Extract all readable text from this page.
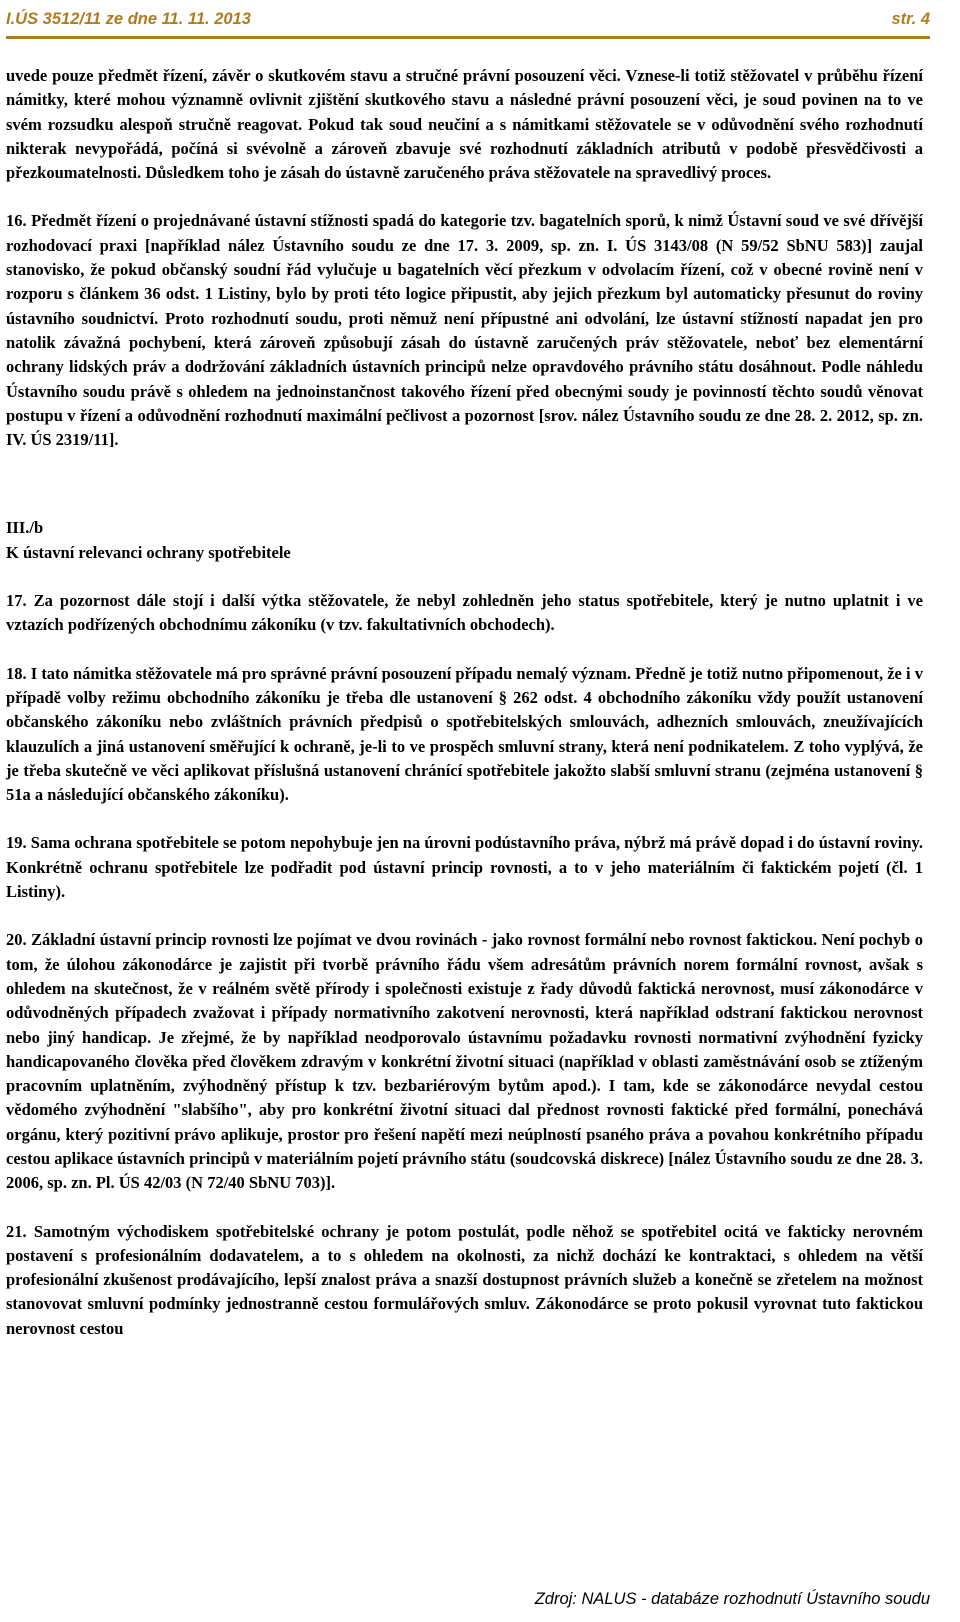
I.ÚS 3512/11 ze dne 11. 11. 2013	str. 4

uvede pouze předmět řízení, závěr o skutkovém stavu a stručné právní posouzení věci. Vznese-li totiž stěžovatel v průběhu řízení námitky, které mohou významně ovlivnit zjištění skutkového stavu a následné právní posouzení věci, je soud povinen na to ve svém rozsudku alespoň stručně reagovat. Pokud tak soud neučiní a s námitkami stěžovatele se v odůvodnění svého rozhodnutí nikterak nevypořádá, počíná si svévolně a zároveň zbavuje své rozhodnutí základních atributů v podobě přesvědčivosti a přezkoumatelnosti. Důsledkem toho je zásah do ústavně zaručeného práva stěžovatele na spravedlivý proces.

16. Předmět řízení o projednávané ústavní stížnosti spadá do kategorie tzv. bagatelních sporů, k nimž Ústavní soud ve své dřívější rozhodovací praxi [například nález Ústavního soudu ze dne 17. 3. 2009, sp. zn. I. ÚS 3143/08 (N 59/52 SbNU 583)] zaujal stanovisko, že pokud občanský soudní řád vylučuje u bagatelních věcí přezkum v odvolacím řízení, což v obecné rovině není v rozporu s článkem 36 odst. 1 Listiny, bylo by proti této logice připustit, aby jejich přezkum byl automaticky přesunut do roviny ústavního soudnictví. Proto rozhodnutí soudu, proti němuž není přípustné ani odvolání, lze ústavní stížností napadat jen pro natolik závažná pochybení, která zároveň způsobují zásah do ústavně zaručených práv stěžovatele, neboť bez elementární ochrany lidských práv a dodržování základních ústavních principů nelze opravdového právního státu dosáhnout. Podle náhledu Ústavního soudu právě s ohledem na jednoinstančnost takového řízení před obecnými soudy je povinností těchto soudů věnovat postupu v řízení a odůvodnění rozhodnutí maximální pečlivost a pozornost [srov. nález Ústavního soudu ze dne 28. 2. 2012, sp. zn. IV. ÚS 2319/11].

III./b
K ústavní relevanci ochrany spotřebitele

17. Za pozornost dále stojí i další výtka stěžovatele, že nebyl zohledněn jeho status spotřebitele, který je nutno uplatnit i ve vztazích podřízených obchodnímu zákoníku (v tzv. fakultativních obchodech).

18. I tato námitka stěžovatele má pro správné právní posouzení případu nemalý význam. Předně je totiž nutno připomenout, že i v případě volby režimu obchodního zákoníku je třeba dle ustanovení § 262 odst. 4 obchodního zákoníku vždy použít ustanovení občanského zákoníku nebo zvláštních právních předpisů o spotřebitelských smlouvách, adhezních smlouvách, zneužívajících klauzulích a jiná ustanovení směřující k ochraně, je-li to ve prospěch smluvní strany, která není podnikatelem. Z toho vyplývá, že je třeba skutečně ve věci aplikovat příslušná ustanovení chránící spotřebitele jakožto slabší smluvní stranu (zejména ustanovení § 51a a následující občanského zákoníku).

19. Sama ochrana spotřebitele se potom nepohybuje jen na úrovni podústavního práva, nýbrž má právě dopad i do ústavní roviny. Konkrétně ochranu spotřebitele lze podřadit pod ústavní princip rovnosti, a to v jeho materiálním či faktickém pojetí (čl. 1 Listiny).

20. Základní ústavní princip rovnosti lze pojímat ve dvou rovinách - jako rovnost formální nebo rovnost faktickou. Není pochyb o tom, že úlohou zákonodárce je zajistit při tvorbě právního řádu všem adresátům právních norem formální rovnost, avšak s ohledem na skutečnost, že v reálném světě přírody i společnosti existuje z řady důvodů faktická nerovnost, musí zákonodárce v odůvodněných případech zvažovat i případy normativního zakotvení nerovnosti, která například odstraní faktickou nerovnost nebo jiný handicap. Je zřejmé, že by například neodporovalo ústavnímu požadavku rovnosti normativní zvýhodnění fyzicky handicapovaného člověka před člověkem zdravým v konkrétní životní situaci (například v oblasti zaměstnávání osob se ztíženým pracovním uplatněním, zvýhodněný přístup k tzv. bezbariérovým bytům apod.). I tam, kde se zákonodárce nevydal cestou vědomého zvýhodnění "slabšího", aby pro konkrétní životní situaci dal přednost rovnosti faktické před formální, ponechává orgánu, který pozitivní právo aplikuje, prostor pro řešení napětí mezi neúplností psaného práva a povahou konkrétního případu cestou aplikace ústavních principů v materiálním pojetí právního státu (soudcovská diskrece) [nález Ústavního soudu ze dne 28. 3. 2006, sp. zn. Pl. ÚS 42/03 (N 72/40 SbNU 703)].

21. Samotným východiskem spotřebitelské ochrany je potom postulát, podle něhož se spotřebitel ocitá ve fakticky nerovném postavení s profesionálním dodavatelem, a to s ohledem na okolnosti, za nichž dochází ke kontraktaci, s ohledem na větší profesionální zkušenost prodávajícího, lepší znalost práva a snazší dostupnost právních služeb a konečně se zřetelem na možnost stanovovat smluvní podmínky jednostranně cestou formulářových smluv. Zákonodárce se proto pokusil vyrovnat tuto faktickou nerovnost cestou

Zdroj: NALUS - databáze rozhodnutí Ústavního soudu
